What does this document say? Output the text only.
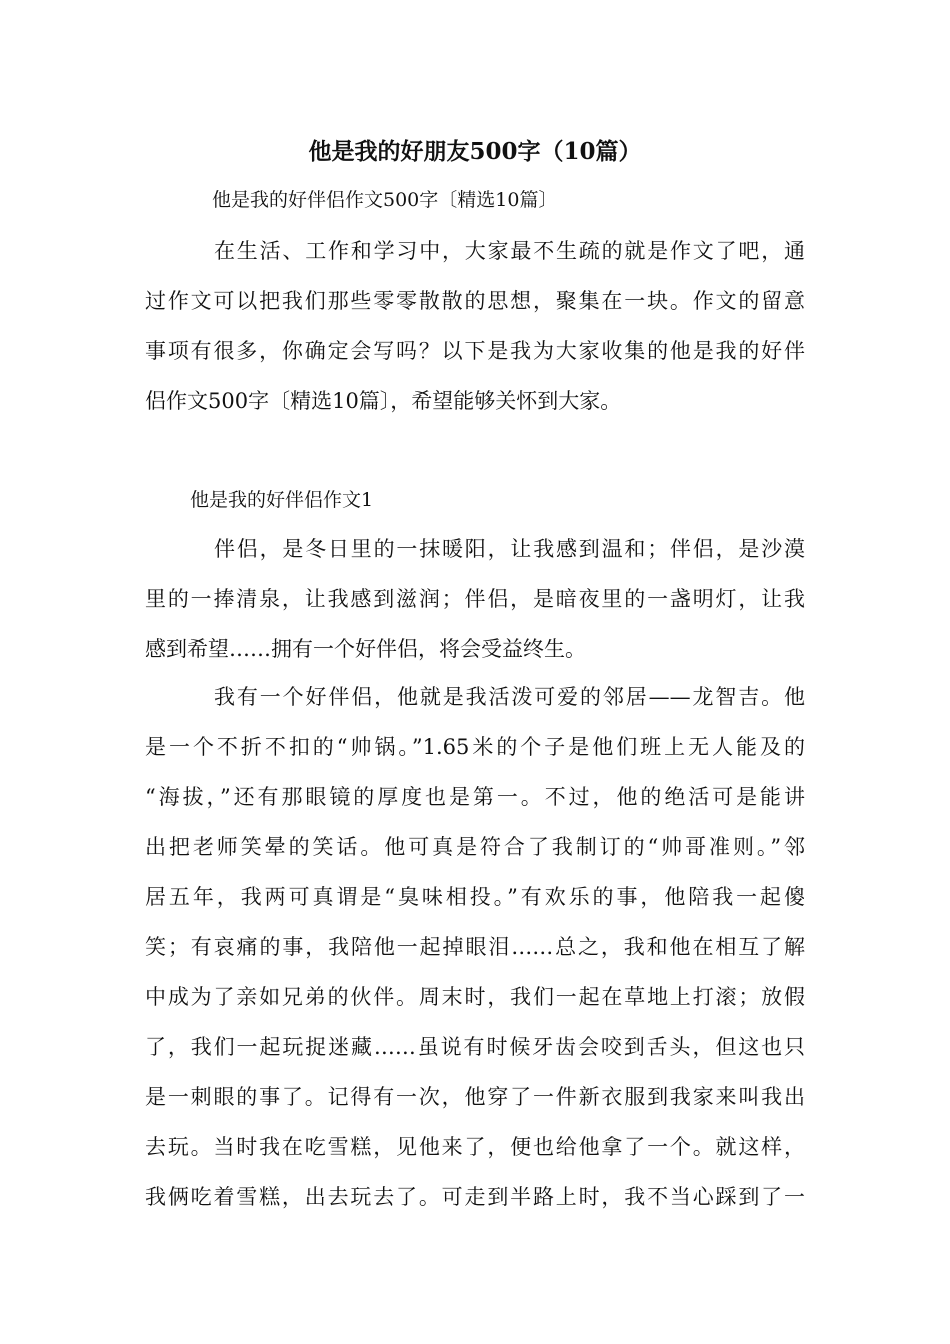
他是我的好朋友500字（10篇）
他是我的好伴侣作文500字〔精选10篇〕
在生活、工作和学习中，大家最不生疏的就是作文了吧，通
过作文可以把我们那些零零散散的思想，聚集在一块。作文的留意
事项有很多，你确定会写吗？以下是我为大家收集的他是我的好伴
侣作文500字〔精选10篇〕，希望能够关怀到大家。
他是我的好伴侣作文1
伴侣，是冬日里的一抹暖阳，让我感到温和；伴侣，是沙漠
里的一捧清泉，让我感到滋润；伴侣，是暗夜里的一盏明灯，让我
感到希望……拥有一个好伴侣，将会受益终生。
我有一个好伴侣，他就是我活泼可爱的邻居——龙智吉。他
是一个不折不扣的“帅锅。”1.65米的个子是他们班上无人能及的
“海拔，”还有那眼镜的厚度也是第一。不过，他的绝活可是能讲
出把老师笑晕的笑话。他可真是符合了我制订的“帅哥准则。”邻
居五年，我两可真谓是“臭味相投。”有欢乐的事，他陪我一起傻
笑；有哀痛的事，我陪他一起掉眼泪……总之，我和他在相互了解
中成为了亲如兄弟的伙伴。周末时，我们一起在草地上打滚；放假
了，我们一起玩捉迷藏……虽说有时候牙齿会咬到舌头，但这也只
是一刺眼的事了。记得有一次，他穿了一件新衣服到我家来叫我出
去玩。当时我在吃雪糕，见他来了，便也给他拿了一个。就这样，
我俩吃着雪糕，出去玩去了。可走到半路上时，我不当心踩到了一
